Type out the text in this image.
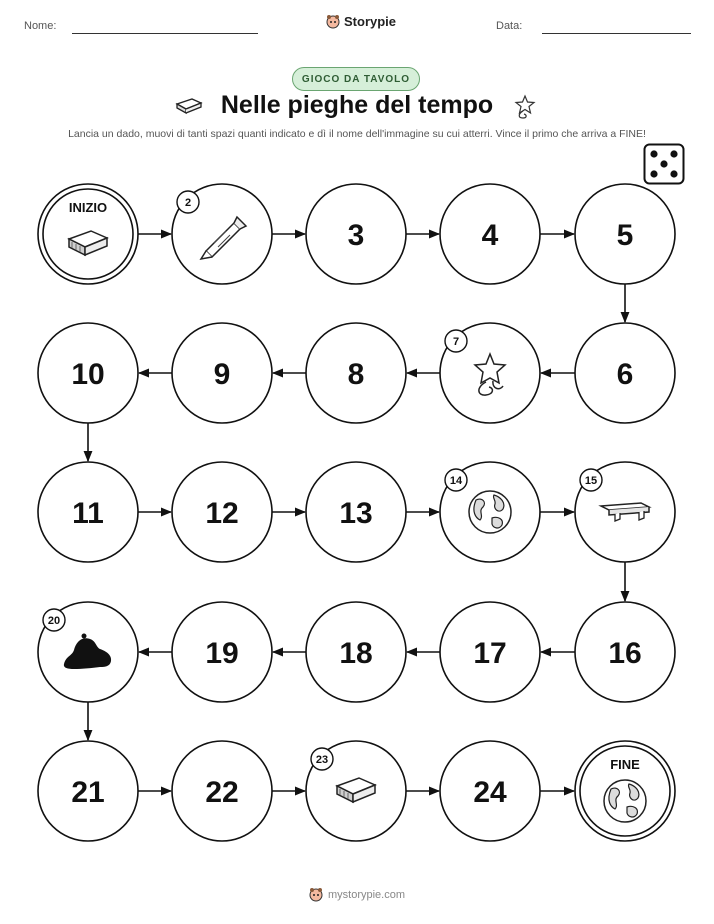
Nome:	Storypie	Data:
GIOCO DA TAVOLO
Nelle pieghe del tempo
Lancia un dado, muovi di tanti spazi quanti indicato e dì il nome dell'immagine su cui atterri. Vince il primo che arriva a FINE!
INIZIO	2
3	4	5
6
7
8
9
10
11	12	13
14	15
16
17
18
19
20
21	22
23
24
FINE
mystorypie.com
